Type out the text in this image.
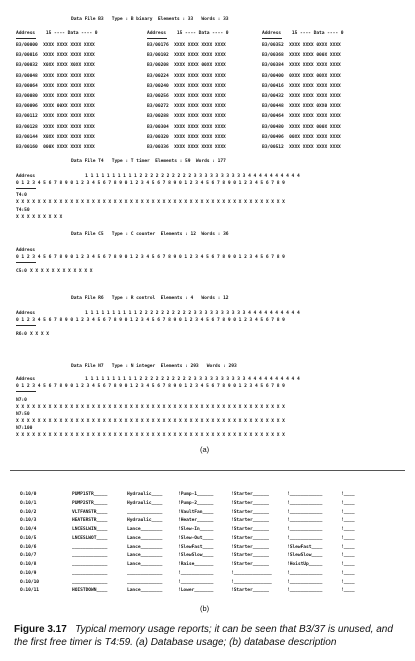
Data File B3   Type : B binary  Elements : 33   Words : 33
Address    15 ---- Data ---- 0	Address    15 ---- Data ---- 0	Address    15 ---- Data ---- 0
B3/00000  XXXX XXXX XXXX XXXX	B3/00176  XXXX XXXX XXXX XXXX	B3/00352  XXXX XXXX 0XXX XXXX
B3/00016  XXXX XXXX XXXX XXXX	B3/00192  XXXX XXXX XXXX XXXX	B3/00368  XXXX XXXX 000X XXXX
B3/00032  X0XX XXXX X0XX XXXX	B3/00208  XXXX XXXX 00XX XXXX	B3/00384  XXXX XXXX XXXX XXXX
B3/00048  XXXX XXXX XXXX XXXX	B3/00224  XXXX XXXX XXXX XXXX	B3/00400  0XXX XXXX 00XX XXXX
B3/00064  XXXX XXXX XXXX XXXX	B3/00240  XXXX XXXX XXXX XXXX	B3/00416  XXXX XXXX XXXX XXXX
B3/00080  XXXX XXXX XXXX XXXX	B3/00256  XXXX XXXX XXXX XXXX	B3/00432  XXXX XXXX XXXX XXXX
B3/00096  XXXX 00XX XXXX XXXX	B3/00272  XXXX XXXX XXXX XXXX	B3/00448  XXXX XXXX 0XX0 XXXX
B3/00112  XXXX XXXX XXXX XXXX	B3/00288  XXXX XXXX XXXX XXXX	B3/00464  XXXX XXXX XXXX XXXX
B3/00128  XXXX XXXX XXXX XXXX	B3/00304  XXXX XXXX XXXX XXXX	B3/00480  XXXX XXXX 000X XXXX
B3/00144  X0XX XXXX XXXX XXXX	B3/00320  XXXX XXXX XXXX XXXX	B3/00496  00XX XXXX XXXX XXXX
B3/00160  000X XXXX XXXX XXXX	B3/00336  XXXX XXXX XXXX XXXX	B3/00512  XXXX XXXX XXXX XXXX
Data File T4   Type : T timer  Elements : 59  Words : 177
Address	1 1 1 1 1 1 1 1 1 1 2 2 2 2 2 2 2 2 2 2 3 3 3 3 3 3 3 3 3 3 4 4 4 4 4 4 4 4 4 4
0 1 2 3 4 5 6 7 8 9 0 1 2 3 4 5 6 7 8 9 0 1 2 3 4 5 6 7 8 9 0 1 2 3 4 5 6 7 8 9 0 1 2 3 4 5 6 7 8 9
T4:0
X X X X X X X X X X X X X X X X X X X X X X X X X X X X X X X X X X X X X X X X X X X X X X X X X X
T4:50
X X X X X X X X X
Data File C5   Type : C counter  Elements : 12  Words : 36
Address
0 1 2 3 4 5 6 7 8 9 0 1 2 3 4 5 6 7 8 9 0 1 2 3 4 5 6 7 8 9 0 1 2 3 4 5 6 7 8 9 0 1 2 3 4 5 6 7 8 9
C5:0 X X X X X X X X X X X X
Data File R6   Type : R control  Elements : 4   Words : 12
Address	1 1 1 1 1 1 1 1 1 1 2 2 2 2 2 2 2 2 2 2 3 3 3 3 3 3 3 3 3 3 4 4 4 4 4 4 4 4 4 4
0 1 2 3 4 5 6 7 8 9 0 1 2 3 4 5 6 7 8 9 0 1 2 3 4 5 6 7 8 9 0 1 2 3 4 5 6 7 8 9 0 1 2 3 4 5 6 7 8 9
R6:0 X X X X
Data File N7   Type : N integer  Elements : 293   Words : 293
Address	1 1 1 1 1 1 1 1 1 1 2 2 2 2 2 2 2 2 2 2 3 3 3 3 3 3 3 3 3 3 4 4 4 4 4 4 4 4 4 4
0 1 2 3 4 5 6 7 8 9 0 1 2 3 4 5 6 7 8 9 0 1 2 3 4 5 6 7 8 9 0 1 2 3 4 5 6 7 8 9 0 1 2 3 4 5 6 7 8 9
N7:0
X X X X X X X X X X X X X X X X X X X X X X X X X X X X X X X X X X X X X X X X X X X X X X X X X X
N7:50
X X X X X X X X X X X X X X X X X X X X X X X X X X X X X X X X X X X X X X X X X X X X X X X X X X
N7:100
X X X X X X X X X X X X X X X X X X X X X X X X X X X X X X X X X X X X X X X X X X X X X X X X X X
(a)
O:10/0	PUMP1STR_____	Hydraulic____	!Pump-1______	!Starter______	!____________	!____
O:10/1	PUMP2STR_____	Hydraulic____	!Pump-2______	!Starter______	!____________	!____
O:10/2	VLTFANSTR____	_____________	!VaultFan____	!Starter______	!____________	!____
O:10/3	HEATERSTR____	Hydraulic____	!Heater______	!Starter______	!____________	!____
O:10/4	LNCESLWIN____	Lance________	!Slew-In_____	!Starter______	!____________	!____
O:10/5	LNCESLWOT____	Lance________	!Slew-Out____	!Starter______	!____________	!____
O:10/6	_____________	Lance________	!SlewFast____	!Starter______	!SlewFast____	!____
O:10/7	_____________	Lance________	!SlewSlow____	!Starter______	!SlewSlow____	!____
O:10/8	_____________	Lance________	!Raise_______	!Starter______	!HoistUp_____	!____
O:10/9	_____________	_____________	!____________	!______________	!____________	!____
O:10/10	_____________	_____________	!____________	!______________	!____________	!____
O:10/11	HOISTDOWN____	Lance________	!Lower_______	!Starter______	!____________	!____
(b)
Figure 3.17 Typical memory usage reports; it can be seen that B3/37 is unused, and the first free timer is T4:59. (a) Database usage; (b) database description
